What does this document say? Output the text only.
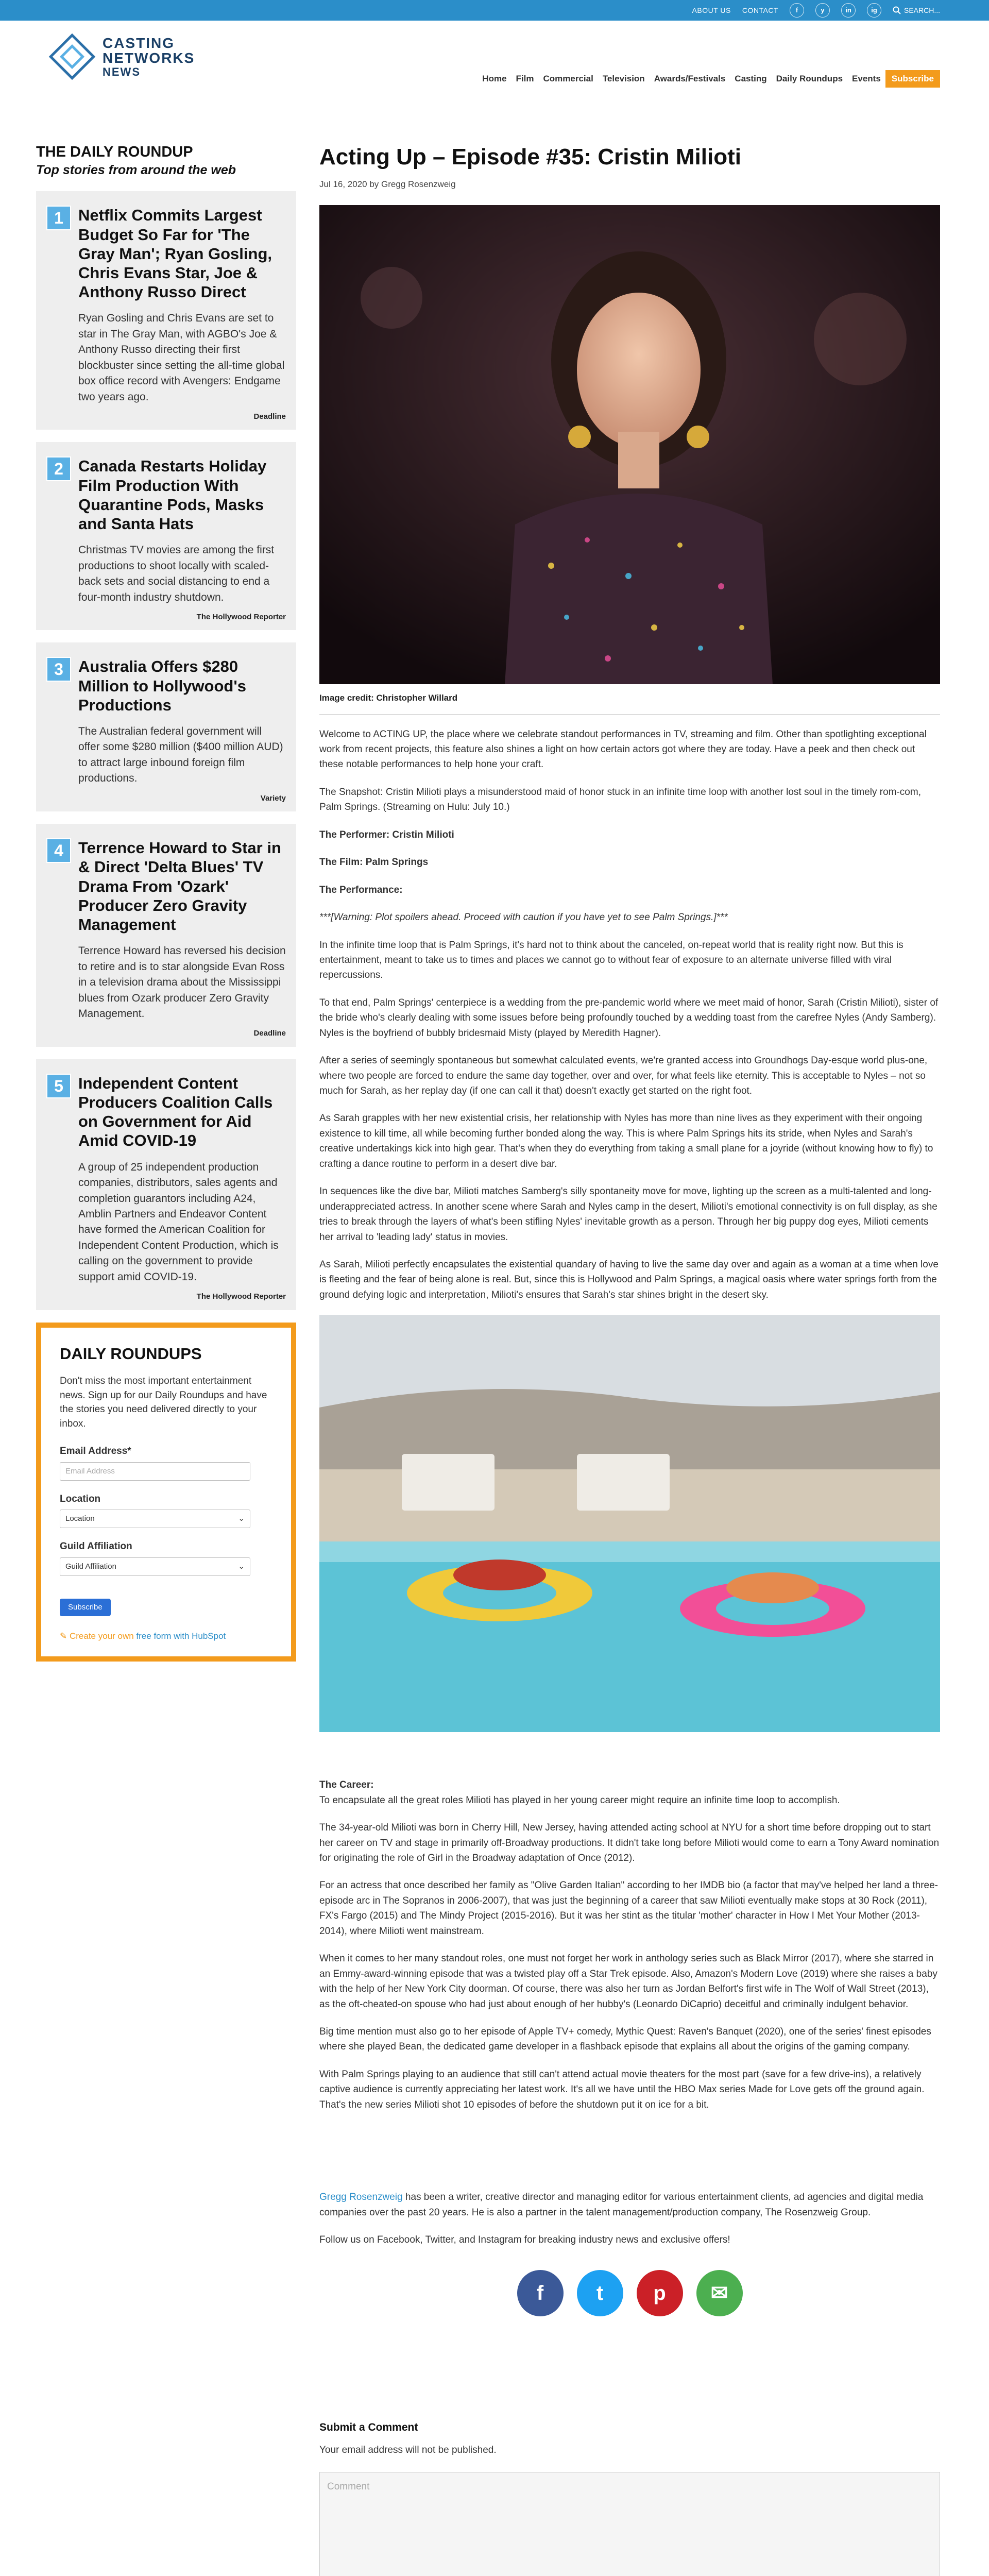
ABOUT US CONTACT	f	y	in	ig	SEARCH...
CASTING
NETWORKS
NEWS
Home	Film	Commercial	Television	Awards/Festivals	Casting	Daily Roundups	Events	Subscribe
THE DAILY ROUNDUP
Top stories from around the web
1 Netflix Commits Largest Budget So Far for 'The Gray Man'; Ryan Gosling, Chris Evans Star, Joe & Anthony Russo Direct
Ryan Gosling and Chris Evans are set to star in The Gray Man, with AGBO's Joe & Anthony Russo directing their first blockbuster since setting the all-time global box office record with Avengers: Endgame two years ago.
Deadline
2 Canada Restarts Holiday Film Production With Quarantine Pods, Masks and Santa Hats
Christmas TV movies are among the first productions to shoot locally with scaled-back sets and social distancing to end a four-month industry shutdown.
The Hollywood Reporter
3 Australia Offers $280 Million to Hollywood's Productions
The Australian federal government will offer some $280 million ($400 million AUD) to attract large inbound foreign film productions.
Variety
4 Terrence Howard to Star in & Direct 'Delta Blues' TV Drama From 'Ozark' Producer Zero Gravity Management
Terrence Howard has reversed his decision to retire and is to star alongside Evan Ross in a television drama about the Mississippi blues from Ozark producer Zero Gravity Management.
Deadline
5 Independent Content Producers Coalition Calls on Government for Aid Amid COVID-19
A group of 25 independent production companies, distributors, sales agents and completion guarantors including A24, Amblin Partners and Endeavor Content have formed the American Coalition for Independent Content Production, which is calling on the government to provide support amid COVID-19.
The Hollywood Reporter
DAILY ROUNDUPS

Don't miss the most important entertainment news. Sign up for our Daily Roundups and have the stories you need delivered directly to your inbox.

Email Address*
Email Address
Location
Location	⌄
Guild Affiliation
Guild Affiliation	⌄
Subscribe
✎ Create your own free form with HubSpot
Acting Up – Episode #35: Cristin Milioti
Jul 16, 2020 by Gregg Rosenzweig
Image credit: Christopher Willard

Welcome to ACTING UP, the place where we celebrate standout performances in TV, streaming and film. Other than spotlighting exceptional work from recent projects, this feature also shines a light on how certain actors got where they are today. Have a peek and then check out these notable performances to help hone your craft.

The Snapshot: Cristin Milioti plays a misunderstood maid of honor stuck in an infinite time loop with another lost soul in the timely rom-com, Palm Springs. (Streaming on Hulu: July 10.)

The Performer: Cristin Milioti

The Film: Palm Springs

The Performance:

***[Warning: Plot spoilers ahead. Proceed with caution if you have yet to see Palm Springs.]***

In the infinite time loop that is Palm Springs, it's hard not to think about the canceled, on-repeat world that is reality right now. But this is entertainment, meant to take us to times and places we cannot go to without fear of exposure to an alternate universe filled with viral repercussions.

To that end, Palm Springs' centerpiece is a wedding from the pre-pandemic world where we meet maid of honor, Sarah (Cristin Milioti), sister of the bride who's clearly dealing with some issues before being profoundly touched by a wedding toast from the carefree Nyles (Andy Samberg). Nyles is the boyfriend of bubbly bridesmaid Misty (played by Meredith Hagner).

After a series of seemingly spontaneous but somewhat calculated events, we're granted access into Groundhogs Day-esque world plus-one, where two people are forced to endure the same day together, over and over, for what feels like eternity. This is acceptable to Nyles – not so much for Sarah, as her replay day (if one can call it that) doesn't exactly get started on the right foot.

As Sarah grapples with her new existential crisis, her relationship with Nyles has more than nine lives as they experiment with their ongoing existence to kill time, all while becoming further bonded along the way. This is where Palm Springs hits its stride, when Nyles and Sarah's creative undertakings kick into high gear. That's when they do everything from taking a small plane for a joyride (without knowing how to fly) to crafting a dance routine to perform in a desert dive bar.

In sequences like the dive bar, Milioti matches Samberg's silly spontaneity move for move, lighting up the screen as a multi-talented and long-underappreciated actress. In another scene where Sarah and Nyles camp in the desert, Milioti's emotional connectivity is on full display, as she tries to break through the layers of what's been stifling Nyles' inevitable growth as a person. Through her big puppy dog eyes, Milioti cements her arrival to 'leading lady' status in movies.

As Sarah, Milioti perfectly encapsulates the existential quandary of having to live the same day over and again as a woman at a time when love is fleeting and the fear of being alone is real. But, since this is Hollywood and Palm Springs, a magical oasis where water springs forth from the ground defying logic and interpretation, Milioti's ensures that Sarah's star shines bright in the desert sky.

The Career:

To encapsulate all the great roles Milioti has played in her young career might require an infinite time loop to accomplish.

The 34-year-old Milioti was born in Cherry Hill, New Jersey, having attended acting school at NYU for a short time before dropping out to start her career on TV and stage in primarily off-Broadway productions. It didn't take long before Milioti would come to earn a Tony Award nomination for originating the role of Girl in the Broadway adaptation of Once (2012).

For an actress that once described her family as "Olive Garden Italian" according to her IMDB bio (a factor that may've helped her land a three-episode arc in The Sopranos in 2006-2007), that was just the beginning of a career that saw Milioti eventually make stops at 30 Rock (2011), FX's Fargo (2015) and The Mindy Project (2015-2016). But it was her stint as the titular 'mother' character in How I Met Your Mother (2013-2014), where Milioti went mainstream.

When it comes to her many standout roles, one must not forget her work in anthology series such as Black Mirror (2017), where she starred in an Emmy-award-winning episode that was a twisted play off a Star Trek episode. Also, Amazon's Modern Love (2019) where she raises a baby with the help of her New York City doorman. Of course, there was also her turn as Jordan Belfort's first wife in The Wolf of Wall Street (2013), as the oft-cheated-on spouse who had just about enough of her hubby's (Leonardo DiCaprio) deceitful and criminally indulgent behavior.

Big time mention must also go to her episode of Apple TV+ comedy, Mythic Quest: Raven's Banquet (2020), one of the series' finest episodes where she played Bean, the dedicated game developer in a flashback episode that explains all about the origins of the gaming company.

With Palm Springs playing to an audience that still can't attend actual movie theaters for the most part (save for a few drive-ins), a relatively captive audience is currently appreciating her latest work. It's all we have until the HBO Max series Made for Love gets off the ground again. That's the new series Milioti shot 10 episodes of before the shutdown put it on ice for a bit.

Gregg Rosenzweig has been a writer, creative director and managing editor for various entertainment clients, ad agencies and digital media companies over the past 20 years. He is also a partner in the talent management/production company, The Rosenzweig Group.

Follow us on Facebook, Twitter, and Instagram for breaking industry news and exclusive offers!

f	t	p	✉
Submit a Comment
Your email address will not be published.
Comment
